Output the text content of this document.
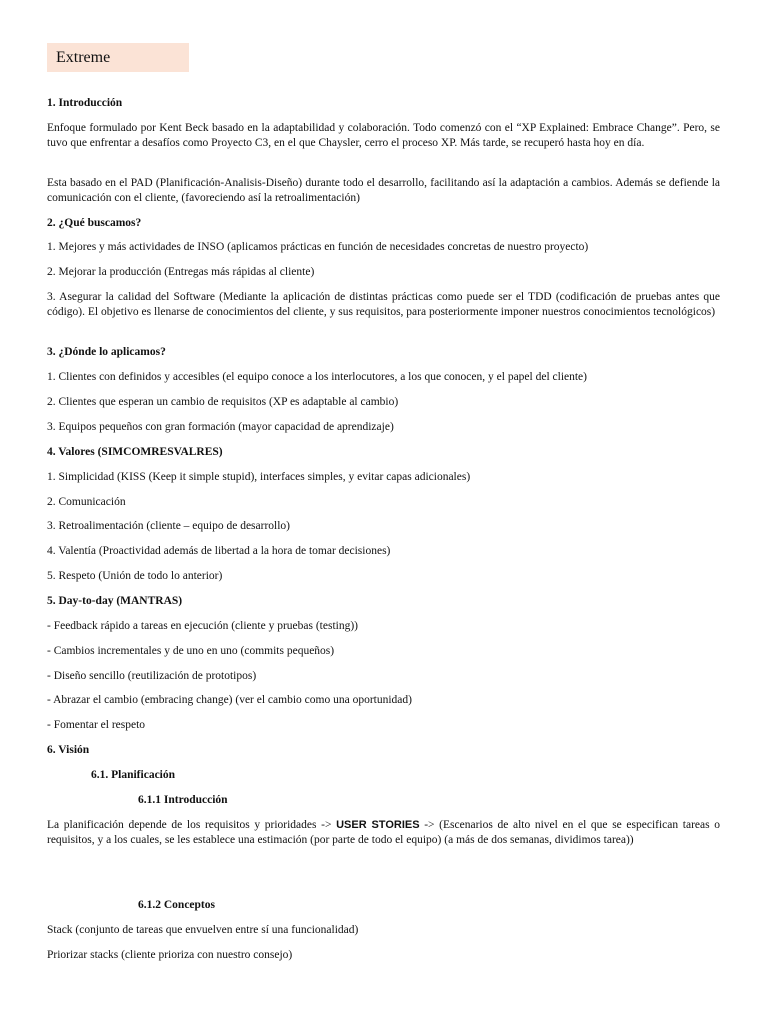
Extreme

1. Introducción

Enfoque formulado por Kent Beck basado en la adaptabilidad y colaboración. Todo comenzó con el “XP Explained: Embrace Change”. Pero, se tuvo que enfrentar a desafíos como Proyecto C3, en el que Chaysler, cerro el proceso XP. Más tarde, se recuperó hasta hoy en día.

Esta basado en el PAD (Planificación-Analisis-Diseño) durante todo el desarrollo, facilitando así la adaptación a cambios. Además se defiende la comunicación con el cliente, (favoreciendo así la retroalimentación)

2. ¿Qué buscamos?

1. Mejores y más actividades de INSO (aplicamos prácticas en función de necesidades concretas de nuestro proyecto)

2. Mejorar la producción (Entregas más rápidas al cliente)

3. Asegurar la calidad del Software (Mediante la aplicación de distintas prácticas como puede ser el TDD (codificación de pruebas antes que código). El objetivo es llenarse de conocimientos del cliente, y sus requisitos, para posteriormente imponer nuestros conocimientos tecnológicos)

3. ¿Dónde lo aplicamos?

1. Clientes con definidos y accesibles (el equipo conoce a los interlocutores, a los que conocen, y el papel del cliente)

2. Clientes que esperan un cambio de requisitos (XP es adaptable al cambio)

3. Equipos pequeños con gran formación (mayor capacidad de aprendizaje)

4. Valores (SIMCOMRESVALRES)

1. Simplicidad (KISS (Keep it simple stupid), interfaces simples, y evitar capas adicionales)

2. Comunicación

3. Retroalimentación (cliente – equipo de desarrollo)

4. Valentía (Proactividad además de libertad a la hora de tomar decisiones)

5. Respeto (Unión de todo lo anterior)

5. Day-to-day (MANTRAS)

- Feedback rápido a tareas en ejecución (cliente y pruebas (testing))

- Cambios incrementales y de uno en uno (commits pequeños)

- Diseño sencillo (reutilización de prototipos)

- Abrazar el cambio (embracing change) (ver el cambio como una oportunidad)

- Fomentar el respeto

6. Visión

6.1. Planificación

6.1.1 Introducción

La planificación depende de los requisitos y prioridades -> USER STORIES -> (Escenarios de alto nivel en el que se especifican tareas o requisitos, y a los cuales, se les establece una estimación (por parte de todo el equipo) (a más de dos semanas, dividimos tarea))

6.1.2 Conceptos

Stack (conjunto de tareas que envuelven entre sí una funcionalidad)

Priorizar stacks (cliente prioriza con nuestro consejo)
